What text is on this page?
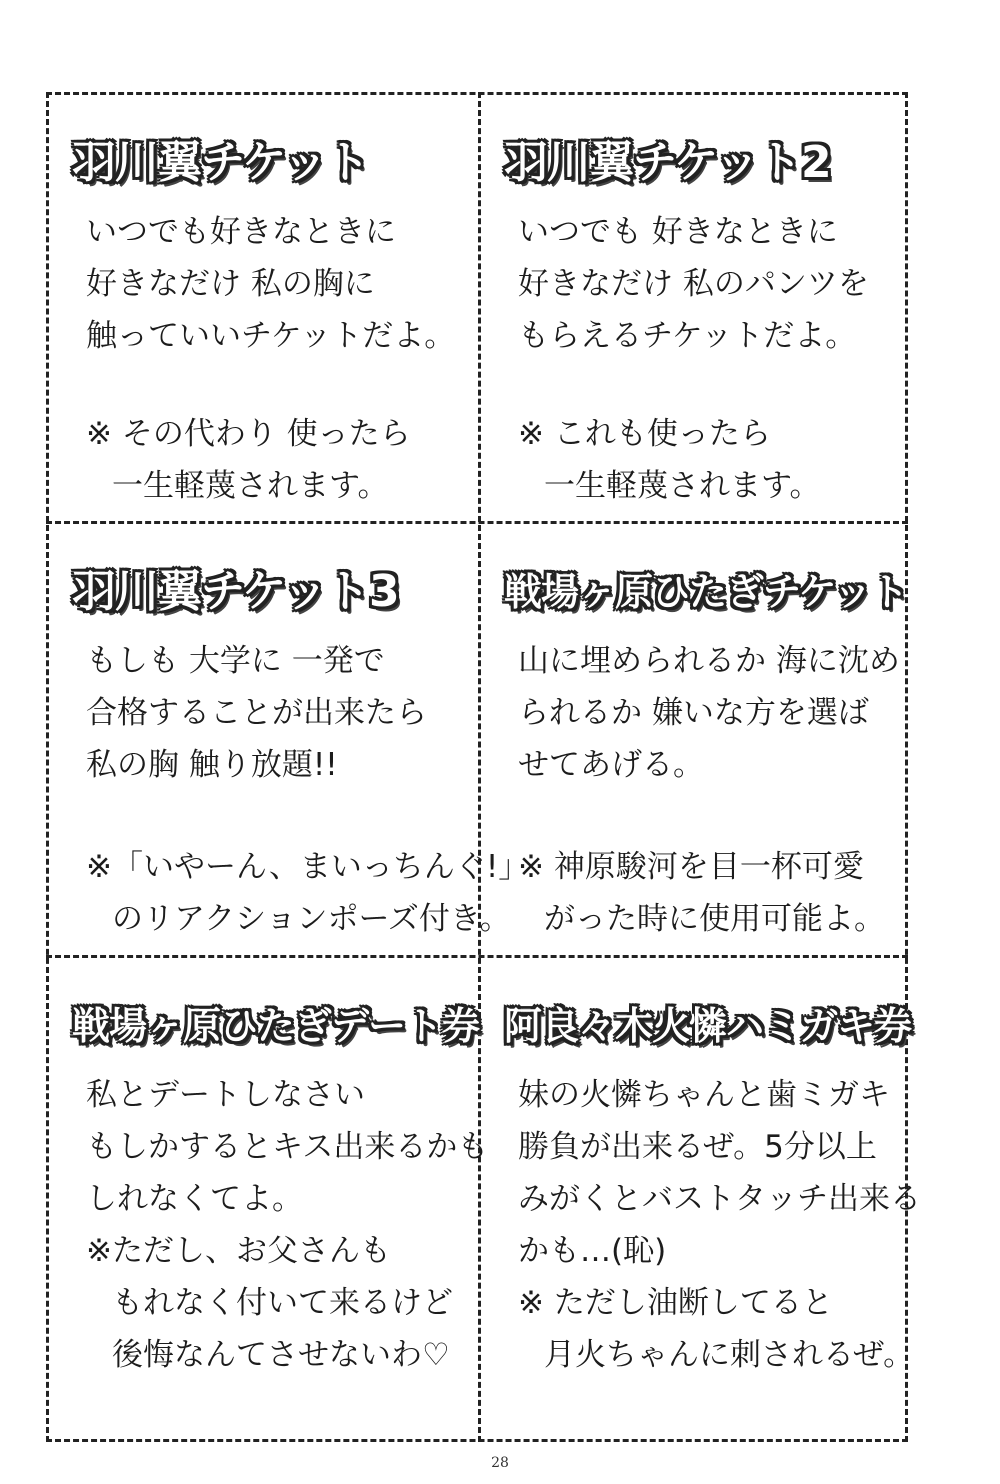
羽川翼チケット
いつでも好きなときに
好きなだけ 私の胸に
触っていいチケットだよ。
※ その代わり 使ったら
一生軽蔑されます。
羽川翼チケット2
いつでも 好きなときに
好きなだけ 私のパンツを
もらえるチケットだよ。
※ これも使ったら
一生軽蔑されます。
羽川翼チケット3
もしも 大学に 一発で
合格することが出来たら
私の胸 触り放題!!
※「いやーん、まいっちんぐ!」
のリアクションポーズ付き。
戦場ヶ原ひたぎチケット
山に埋められるか 海に沈め
られるか 嫌いな方を選ば
せてあげる。
※ 神原駿河を目一杯可愛
がった時に使用可能よ。
戦場ヶ原ひたぎデート券
私とデートしなさい
もしかするとキス出来るかも
しれなくてよ。
※ただし、お父さんも
もれなく付いて来るけど
後悔なんてさせないわ♡
阿良々木火憐ハミガキ券
妹の火憐ちゃんと歯ミガキ
勝負が出来るぜ。5分以上
みがくとバストタッチ出来る
かも…(恥)
※ ただし油断してると
月火ちゃんに刺されるぜ。
28
